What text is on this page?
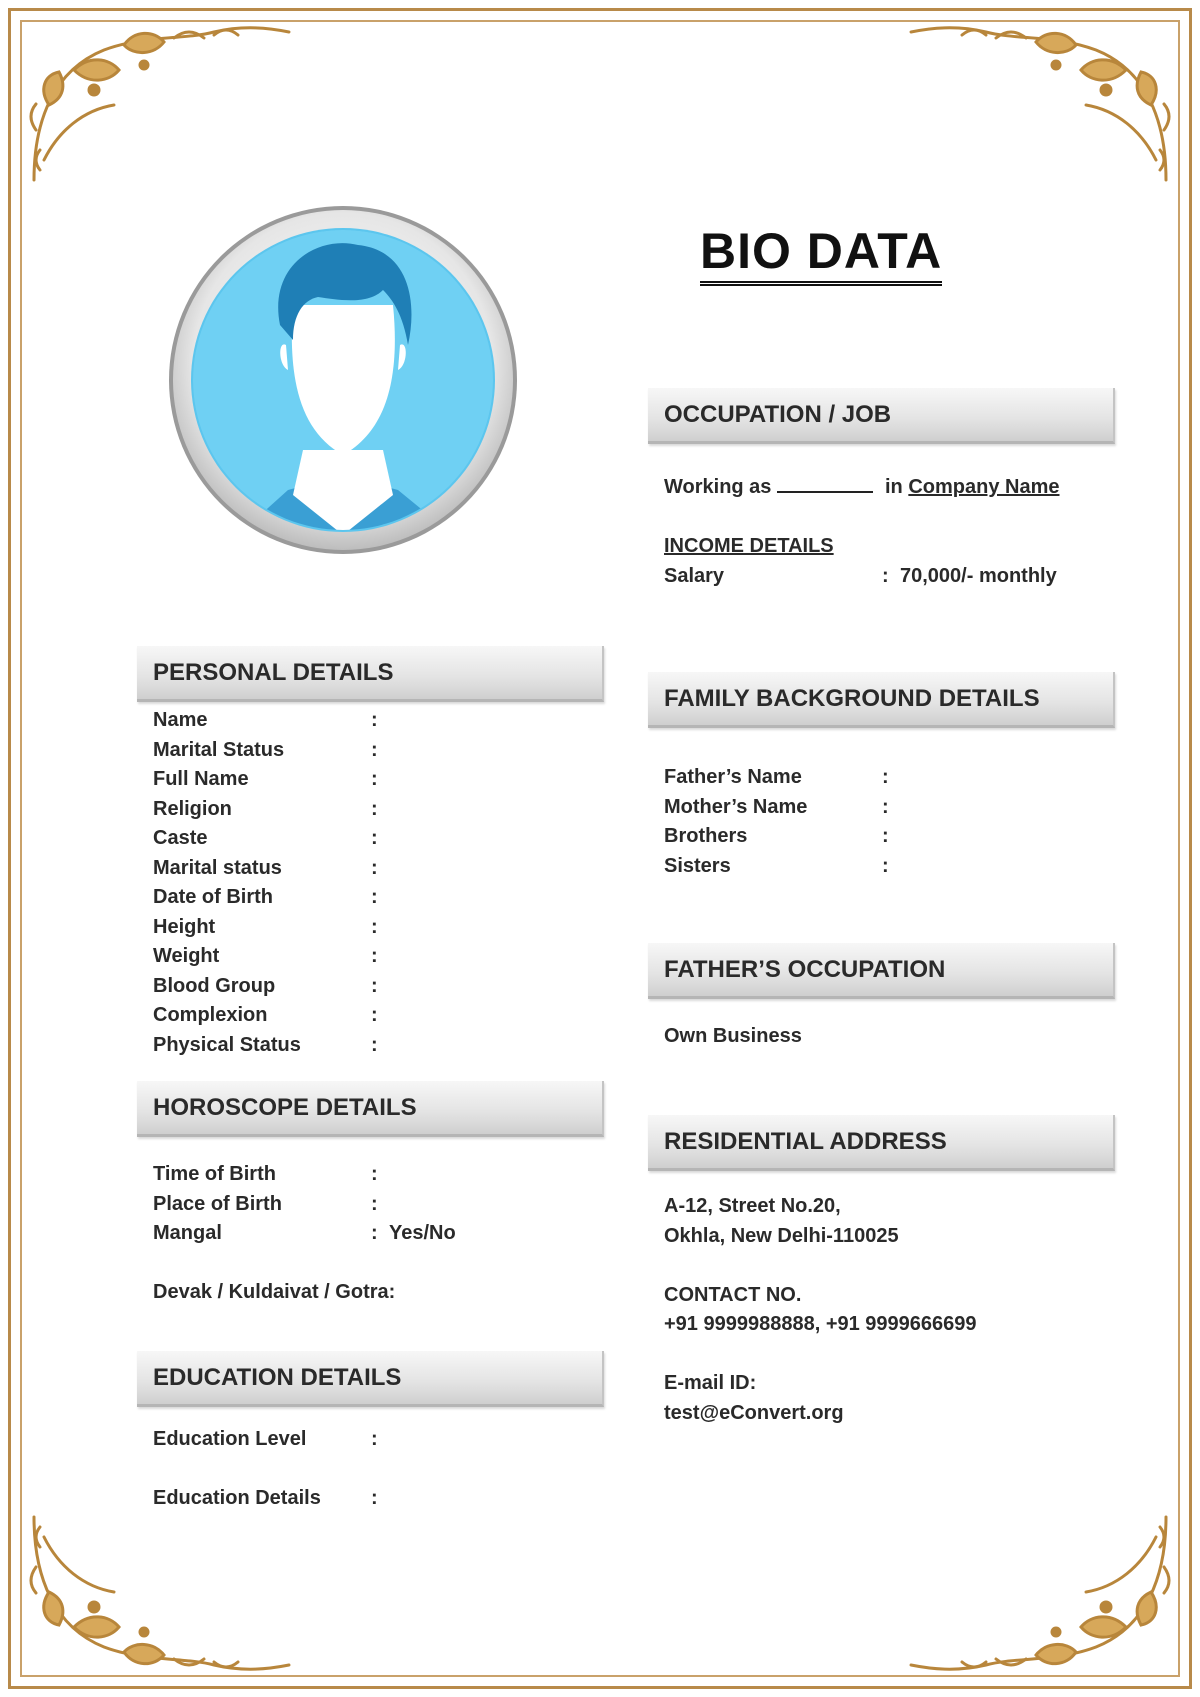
BIO DATA
OCCUPATION / JOB
Working as	in Company Name
INCOME DETAILS
Salary	: 70,000/- monthly
PERSONAL DETAILS
Name	:
Marital Status	:
Full Name	:
Religion	:
Caste	:
Marital status	:
Date of Birth	:
Height	:
Weight	:
Blood Group	:
Complexion	:
Physical Status	:
FAMILY BACKGROUND DETAILS
Father’s Name	:
Mother’s Name	:
Brothers	:
Sisters	:
FATHER’S OCCUPATION
Own Business
HOROSCOPE DETAILS
Time of Birth	:
Place of Birth	:
Mangal	: Yes/No
Devak / Kuldaivat / Gotra:
RESIDENTIAL ADDRESS
A-12, Street No.20,
Okhla, New Delhi-110025
CONTACT NO.
+91 9999988888, +91 9999666699
E-mail ID:
test@eConvert.org
EDUCATION DETAILS
Education Level	:
Education Details	:
